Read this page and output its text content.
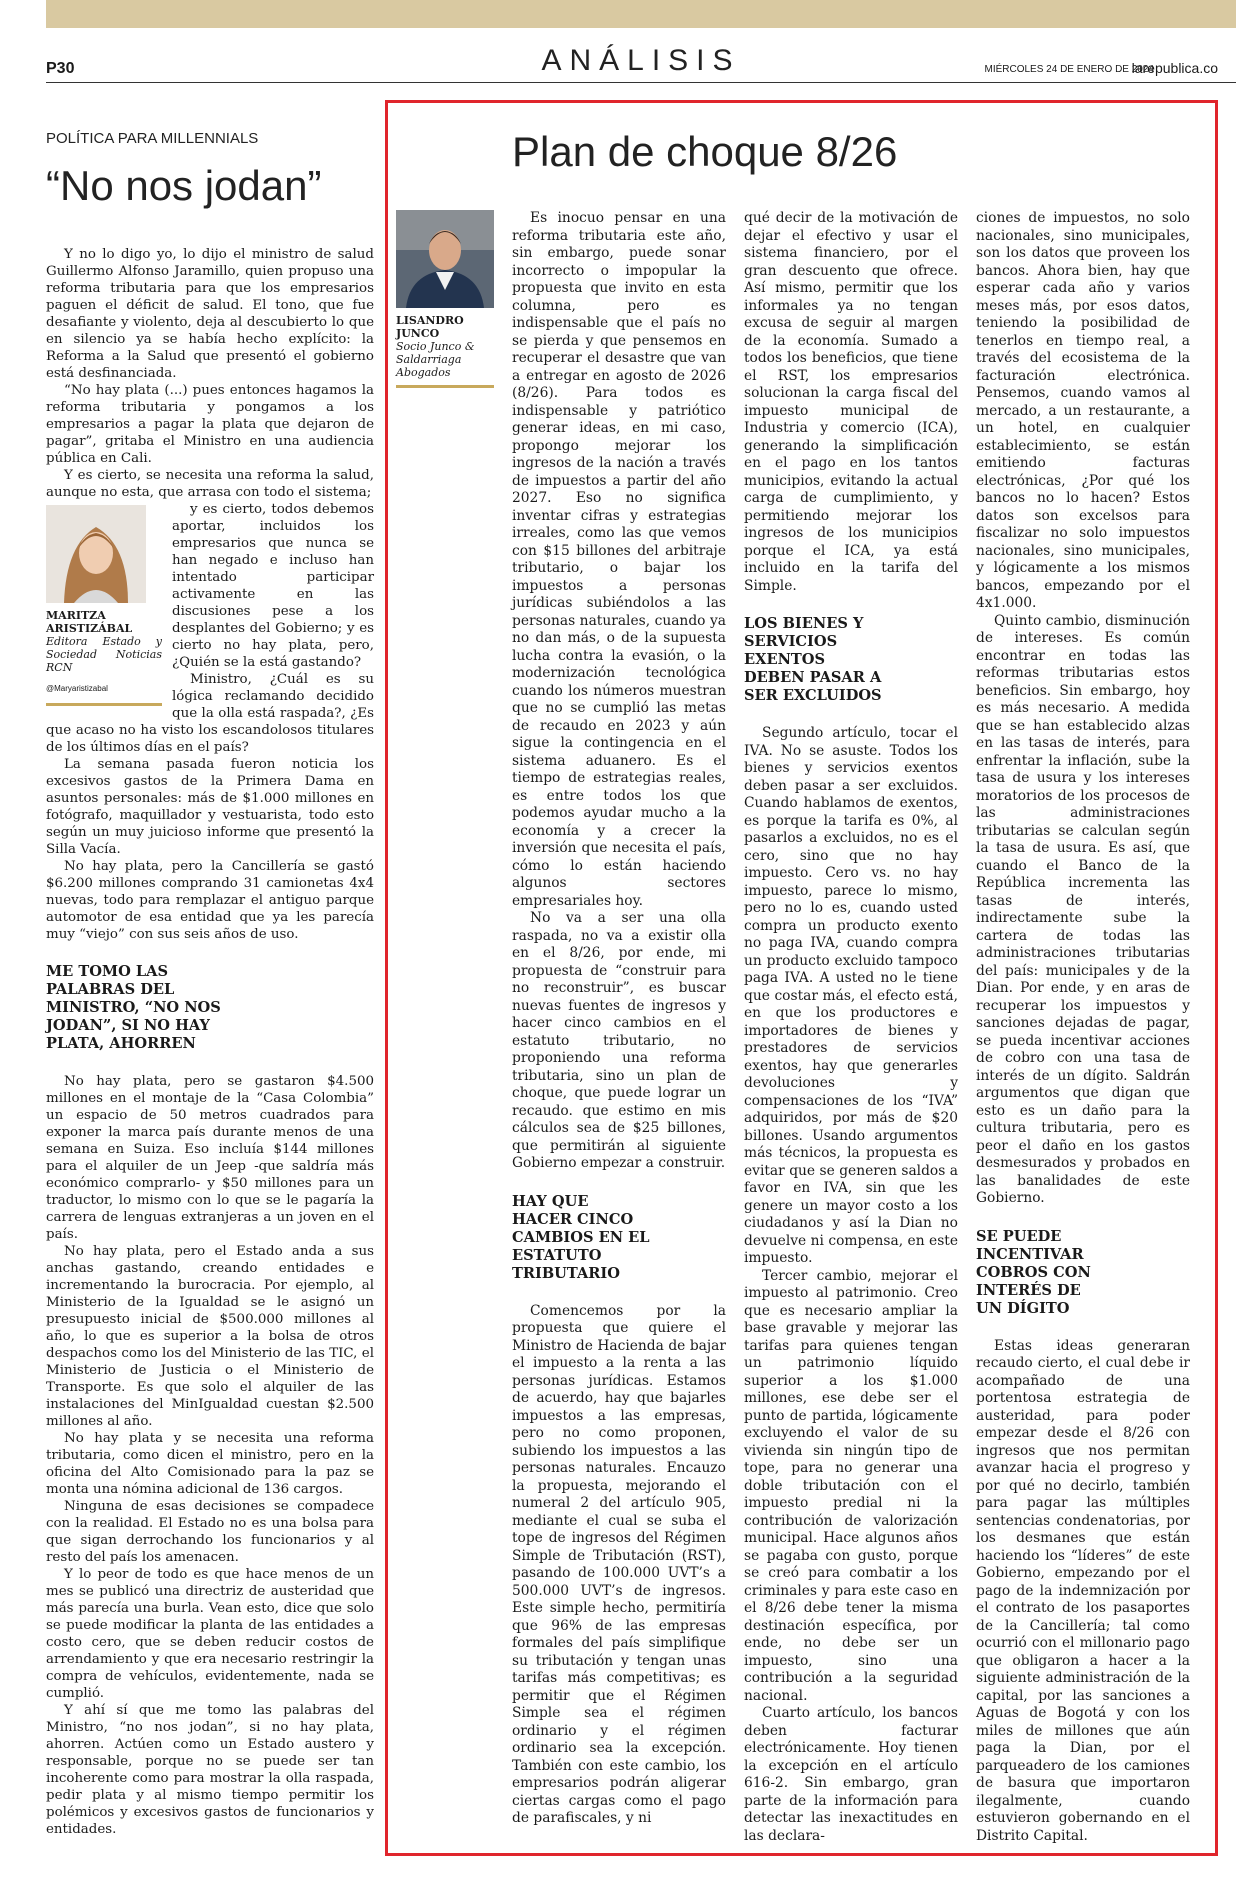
P30	ANÁLISIS	MIÉRCOLES 24 DE ENERO DE 2024
larepublica.co
POLÍTICA PARA MILLENNIALS
“No nos jodan”

Y no lo digo yo, lo dijo el ministro de salud Guillermo Alfonso Jaramillo, quien propuso una reforma tributaria para que los empresarios paguen el déficit de salud. El tono, que fue desafiante y violento, deja al descubierto lo que en silencio ya se había hecho explícito: la Reforma a la Salud que presentó el gobierno está desfinanciada.

“No hay plata (...) pues entonces hagamos la reforma tributaria y pongamos a los empresarios a pagar la plata que dejaron de pagar”, gritaba el Ministro en una audiencia pública en Cali.

Y es cierto, se necesita una reforma la salud, aunque no esta, que arrasa con todo el sistema;

MARITZA ARISTIZÁBAL
Editora Estado y Sociedad Noticias RCN
@Maryaristizabal

y es cierto, todos debemos aportar, incluidos los empresarios que nunca se han negado e incluso han intentado participar activamente en las discusiones pese a los desplantes del Gobierno; y es cierto no hay plata, pero, ¿Quién se la está gastando?

Ministro, ¿Cuál es su lógica reclamando decidido que la olla está raspada?, ¿Es que acaso no ha visto los escandolosos titulares de los últimos días en el país?

La semana pasada fueron noticia los excesivos gastos de la Primera Dama en asuntos personales: más de $1.000 millones en fotógrafo, maquillador y vestuarista, todo esto según un muy juicioso informe que presentó la Silla Vacía.

No hay plata, pero la Cancillería se gastó $6.200 millones comprando 31 camionetas 4x4 nuevas, todo para remplazar el antiguo parque automotor de esa entidad que ya les parecía muy “viejo” con sus seis años de uso.

ME TOMO LAS PALABRAS DEL MINISTRO, “NO NOS JODAN”, SI NO HAY PLATA, AHORREN

No hay plata, pero se gastaron $4.500 millones en el montaje de la “Casa Colombia” un espacio de 50 metros cuadrados para exponer la marca país durante menos de una semana en Suiza. Eso incluía $144 millones para el alquiler de un Jeep -que saldría más económico comprarlo- y $50 millones para un traductor, lo mismo con lo que se le pagaría la carrera de lenguas extranjeras a un joven en el país.

No hay plata, pero el Estado anda a sus anchas gastando, creando entidades e incrementando la burocracia. Por ejemplo, al Ministerio de la Igualdad se le asignó un presupuesto inicial de $500.000 millones al año, lo que es superior a la bolsa de otros despachos como los del Ministerio de las TIC, el Ministerio de Justicia o el Ministerio de Transporte. Es que solo el alquiler de las instalaciones del MinIgualdad cuestan $2.500 millones al año.

No hay plata y se necesita una reforma tributaria, como dicen el ministro, pero en la oficina del Alto Comisionado para la paz se monta una nómina adicional de 136 cargos.

Ninguna de esas decisiones se compadece con la realidad. El Estado no es una bolsa para que sigan derrochando los funcionarios y al resto del país los amenacen.

Y lo peor de todo es que hace menos de un mes se publicó una directriz de austeridad que más parecía una burla. Vean esto, dice que solo se puede modificar la planta de las entidades a costo cero, que se deben reducir costos de arrendamiento y que era necesario restringir la compra de vehículos, evidentemente, nada se cumplió.

Y ahí sí que me tomo las palabras del Ministro, “no nos jodan”, si no hay plata, ahorren. Actúen como un Estado austero y responsable, porque no se puede ser tan incoherente como para mostrar la olla raspada, pedir plata y al mismo tiempo permitir los polémicos y excesivos gastos de funcionarios y entidades.

Plan de choque 8/26
LISANDRO JUNCO
Socio Junco & Saldarriaga Abogados

Es inocuo pensar en una reforma tributaria este año, sin embargo, puede sonar incorrecto o impopular la propuesta que invito en esta columna, pero es indispensable que el país no se pierda y que pensemos en recuperar el desastre que van a entregar en agosto de 2026 (8/26). Para todos es indispensable y patriótico generar ideas, en mi caso, propongo mejorar los ingresos de la nación a través de impuestos a partir del año 2027. Eso no significa inventar cifras y estrategias irreales, como las que vemos con $15 billones del arbitraje tributario, o bajar los impuestos a personas jurídicas subiéndolos a las personas naturales, cuando ya no dan más, o de la supuesta lucha contra la evasión, o la modernización tecnológica cuando los números muestran que no se cumplió las metas de recaudo en 2023 y aún sigue la contingencia en el sistema aduanero. Es el tiempo de estrategias reales, es entre todos los que podemos ayudar mucho a la economía y a crecer la inversión que necesita el país, cómo lo están haciendo algunos sectores empresariales hoy.

No va a ser una olla raspada, no va a existir olla en el 8/26, por ende, mi propuesta de “construir para no reconstruir”, es buscar nuevas fuentes de ingresos y hacer cinco cambios en el estatuto tributario, no proponiendo una reforma tributaria, sino un plan de choque, que puede lograr un recaudo. que estimo en mis cálculos sea de $25 billones, que permitirán al siguiente Gobierno empezar a construir.

HAY QUE HACER CINCO CAMBIOS EN EL ESTATUTO TRIBUTARIO

Comencemos por la propuesta que quiere el Ministro de Hacienda de bajar el impuesto a la renta a las personas jurídicas. Estamos de acuerdo, hay que bajarles impuestos a las empresas, pero no como proponen, subiendo los impuestos a las personas naturales. Encauzo la propuesta, mejorando el numeral 2 del artículo 905, mediante el cual se suba el tope de ingresos del Régimen Simple de Tributación (RST), pasando de 100.000 UVT’s a 500.000 UVT’s de ingresos. Este simple hecho, permitiría que 96% de las empresas formales del país simplifique su tributación y tengan unas tarifas más competitivas; es permitir que el Régimen Simple sea el régimen ordinario y el régimen ordinario sea la excepción. También con este cambio, los empresarios podrán aligerar ciertas cargas como el pago de parafiscales, y ni

qué decir de la motivación de dejar el efectivo y usar el sistema financiero, por el gran descuento que ofrece. Así mismo, permitir que los informales ya no tengan excusa de seguir al margen de la economía. Sumado a todos los beneficios, que tiene el RST, los empresarios solucionan la carga fiscal del impuesto municipal de Industria y comercio (ICA), generando la simplificación en el pago en los tantos municipios, evitando la actual carga de cumplimiento, y permitiendo mejorar los ingresos de los municipios porque el ICA, ya está incluido en la tarifa del Simple.

LOS BIENES Y SERVICIOS EXENTOS DEBEN PASAR A SER EXCLUIDOS

Segundo artículo, tocar el IVA. No se asuste. Todos los bienes y servicios exentos deben pasar a ser excluidos. Cuando hablamos de exentos, es porque la tarifa es 0%, al pasarlos a excluidos, no es el cero, sino que no hay impuesto. Cero vs. no hay impuesto, parece lo mismo, pero no lo es, cuando usted compra un producto exento no paga IVA, cuando compra un producto excluido tampoco paga IVA. A usted no le tiene que costar más, el efecto está, en que los productores e importadores de bienes y prestadores de servicios exentos, hay que generarles devoluciones y compensaciones de los “IVA” adquiridos, por más de $20 billones. Usando argumentos más técnicos, la propuesta es evitar que se generen saldos a favor en IVA, sin que les genere un mayor costo a los ciudadanos y así la Dian no devuelve ni compensa, en este impuesto.

Tercer cambio, mejorar el impuesto al patrimonio. Creo que es necesario ampliar la base gravable y mejorar las tarifas para quienes tengan un patrimonio líquido superior a los $1.000 millones, ese debe ser el punto de partida, lógicamente excluyendo el valor de su vivienda sin ningún tipo de tope, para no generar una doble tributación con el impuesto predial ni la contribución de valorización municipal. Hace algunos años se pagaba con gusto, porque se creó para combatir a los criminales y para este caso en el 8/26 debe tener la misma destinación específica, por ende, no debe ser un impuesto, sino una contribución a la seguridad nacional.

Cuarto artículo, los bancos deben facturar electrónicamente. Hoy tienen la excepción en el artículo 616-2. Sin embargo, gran parte de la información para detectar las inexactitudes en las declara-

ciones de impuestos, no solo nacionales, sino municipales, son los datos que proveen los bancos. Ahora bien, hay que esperar cada año y varios meses más, por esos datos, teniendo la posibilidad de tenerlos en tiempo real, a través del ecosistema de la facturación electrónica. Pensemos, cuando vamos al mercado, a un restaurante, a un hotel, en cualquier establecimiento, se están emitiendo facturas electrónicas, ¿Por qué los bancos no lo hacen? Estos datos son excelsos para fiscalizar no solo impuestos nacionales, sino municipales, y lógicamente a los mismos bancos, empezando por el 4x1.000.

Quinto cambio, disminución de intereses. Es común encontrar en todas las reformas tributarias estos beneficios. Sin embargo, hoy es más necesario. A medida que se han establecido alzas en las tasas de interés, para enfrentar la inflación, sube la tasa de usura y los intereses moratorios de los procesos de las administraciones tributarias se calculan según la tasa de usura. Es así, que cuando el Banco de la República incrementa las tasas de interés, indirectamente sube la cartera de todas las administraciones tributarias del país: municipales y de la Dian. Por ende, y en aras de recuperar los impuestos y sanciones dejadas de pagar, se pueda incentivar acciones de cobro con una tasa de interés de un dígito. Saldrán argumentos que digan que esto es un daño para la cultura tributaria, pero es peor el daño en los gastos desmesurados y probados en las banalidades de este Gobierno.

SE PUEDE INCENTIVAR COBROS CON INTERÉS DE UN DÍGITO

Estas ideas generaran recaudo cierto, el cual debe ir acompañado de una portentosa estrategia de austeridad, para poder empezar desde el 8/26 con ingresos que nos permitan avanzar hacia el progreso y por qué no decirlo, también para pagar las múltiples sentencias condenatorias, por los desmanes que están haciendo los “líderes” de este Gobierno, empezando por el pago de la indemnización por el contrato de los pasaportes de la Cancillería; tal como ocurrió con el millonario pago que obligaron a hacer a la siguiente administración de la capital, por las sanciones a Aguas de Bogotá y con los miles de millones que aún paga la Dian, por el parqueadero de los camiones de basura que importaron ilegalmente, cuando estuvieron gobernando en el Distrito Capital.
